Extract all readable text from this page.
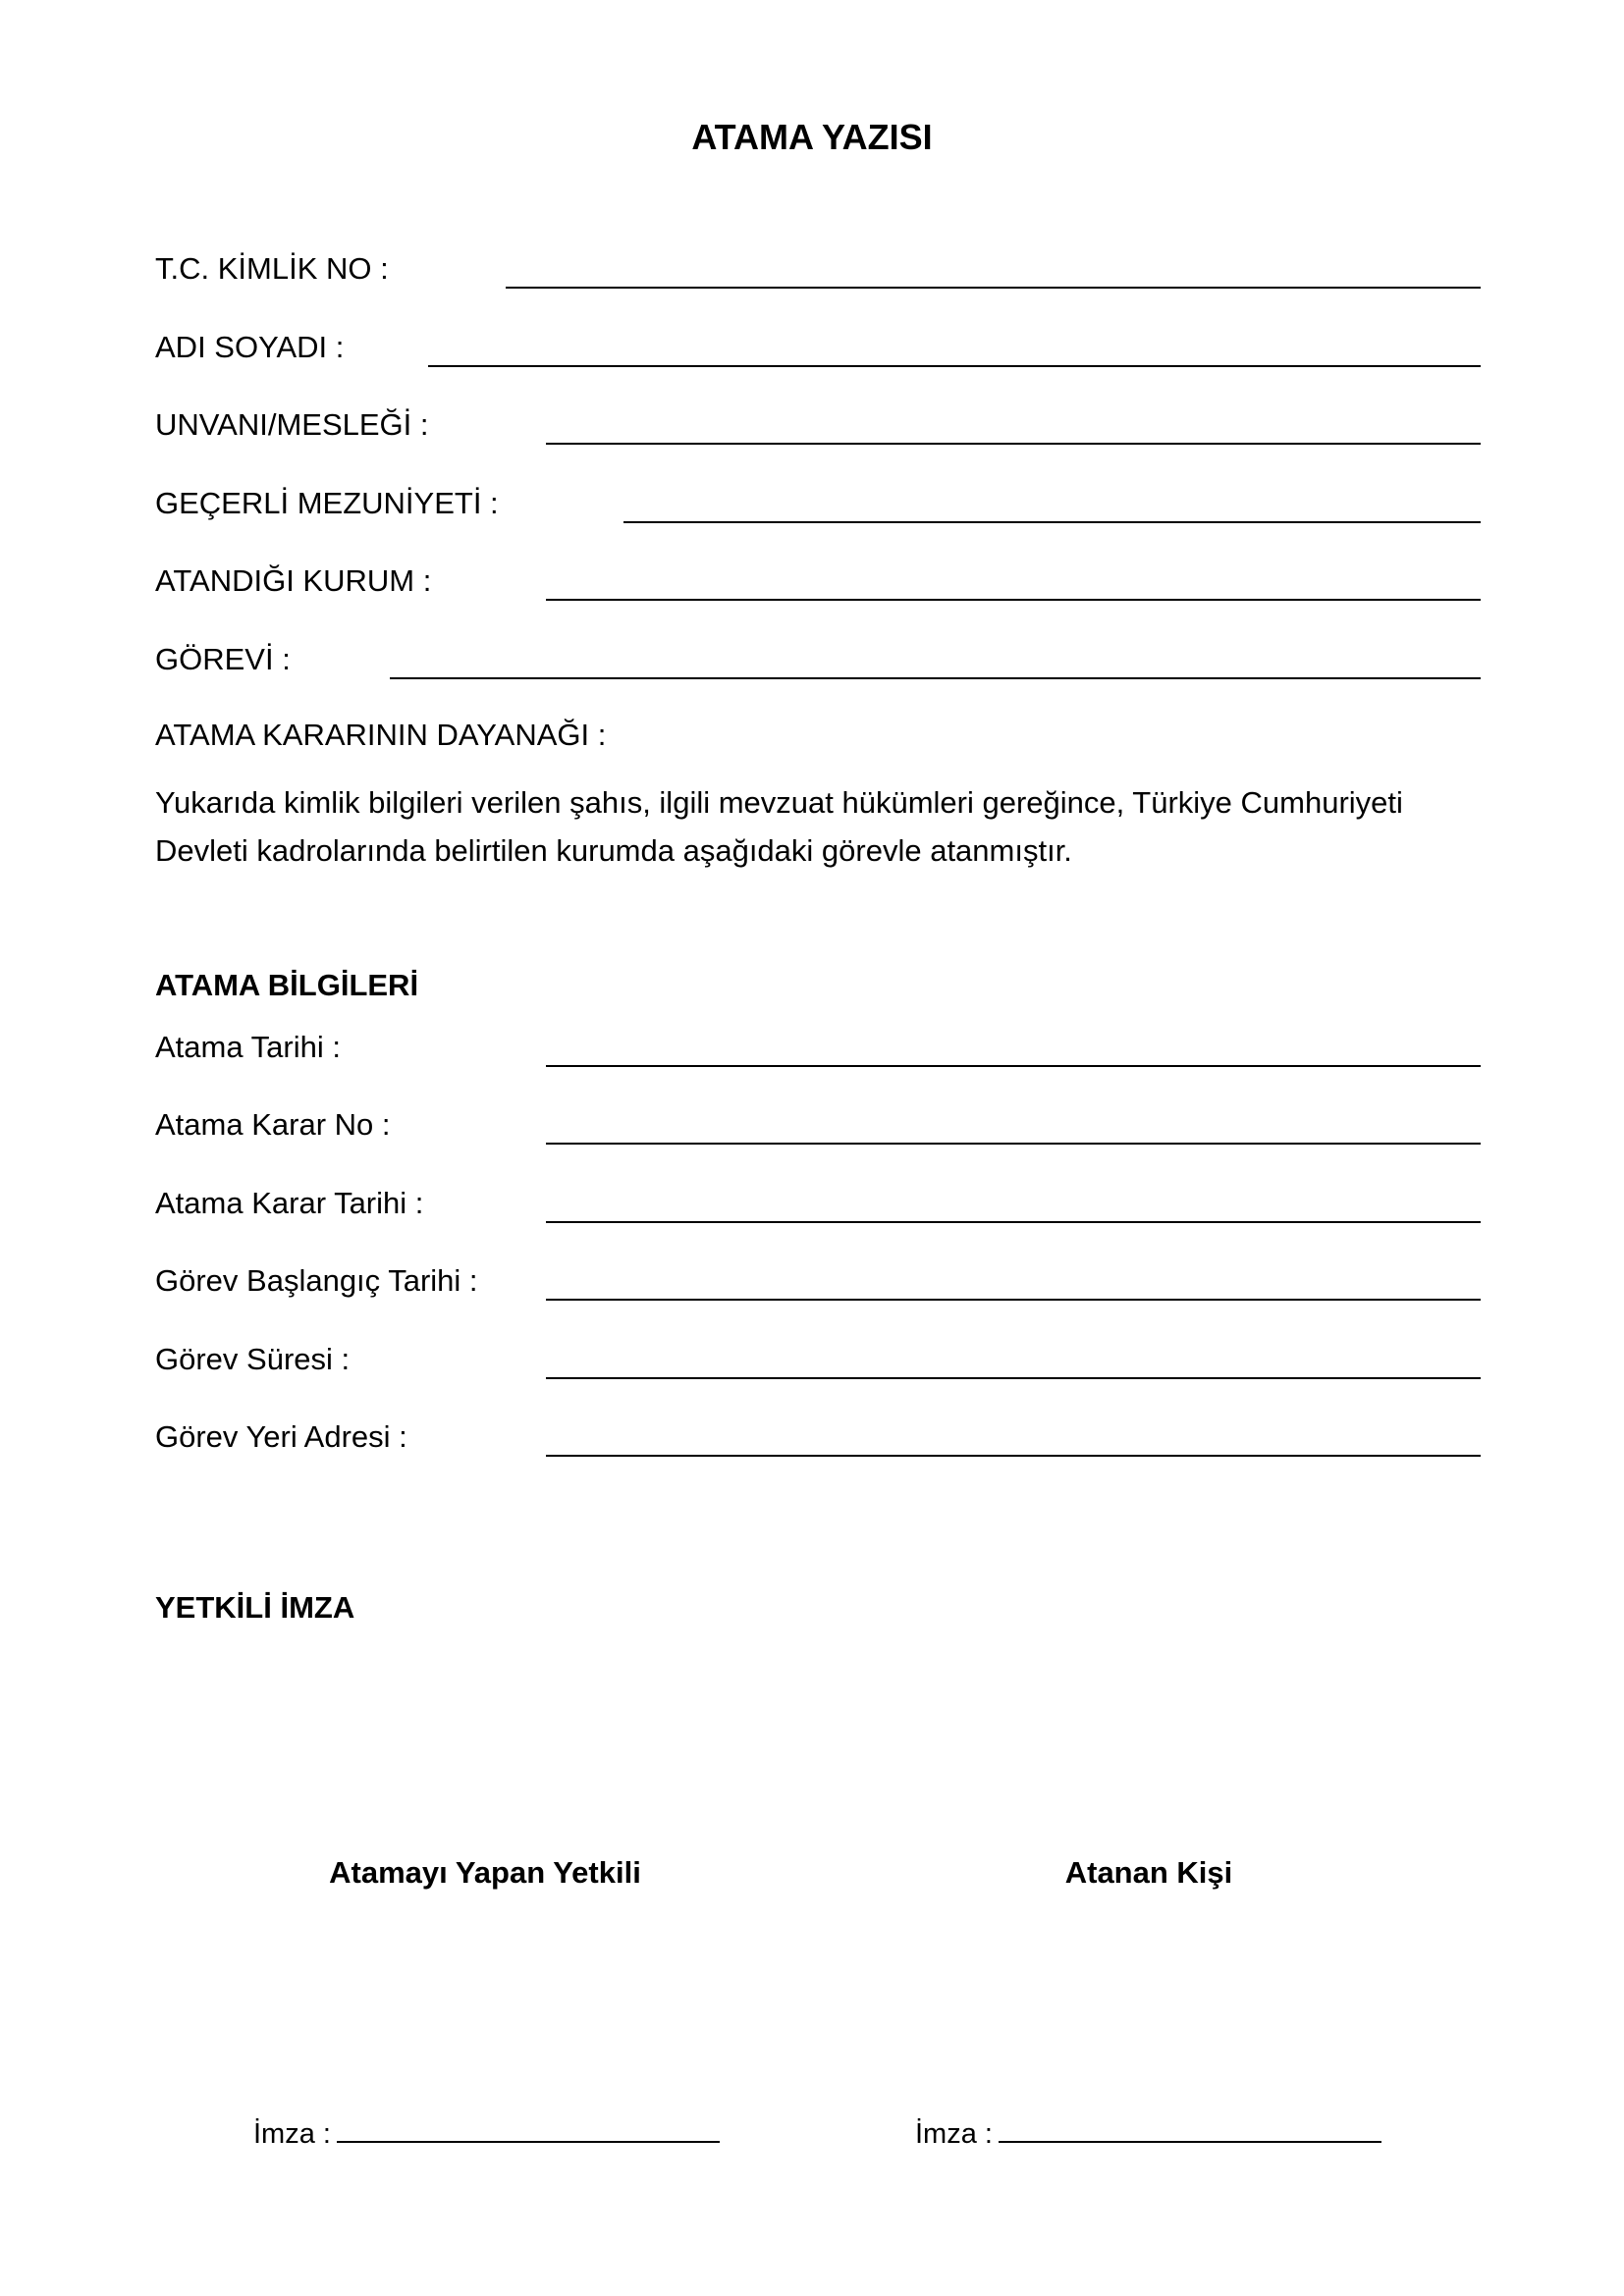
ATAMA YAZISI
T.C. KİMLİK NO :
ADI SOYADI :
UNVANI/MESLEĞİ :
GEÇERLİ MEZUNİYETİ :
ATANDIĞI KURUM :
GÖREVİ :
ATAMA KARARININ DAYANAĞI :
Yukarıda kimlik bilgileri verilen şahıs, ilgili mevzuat hükümleri gereğince, Türkiye Cumhuriyeti
Devleti kadrolarında belirtilen kurumda aşağıdaki görevle atanmıştır.
ATAMA BİLGİLERİ
Atama Tarihi :
Atama Karar No :
Atama Karar Tarihi :
Görev Başlangıç Tarihi :
Görev Süresi :
Görev Yeri Adresi :
YETKİLİ İMZA
Atamayı Yapan Yetkili	Atanan Kişi
İmza :	İmza :
